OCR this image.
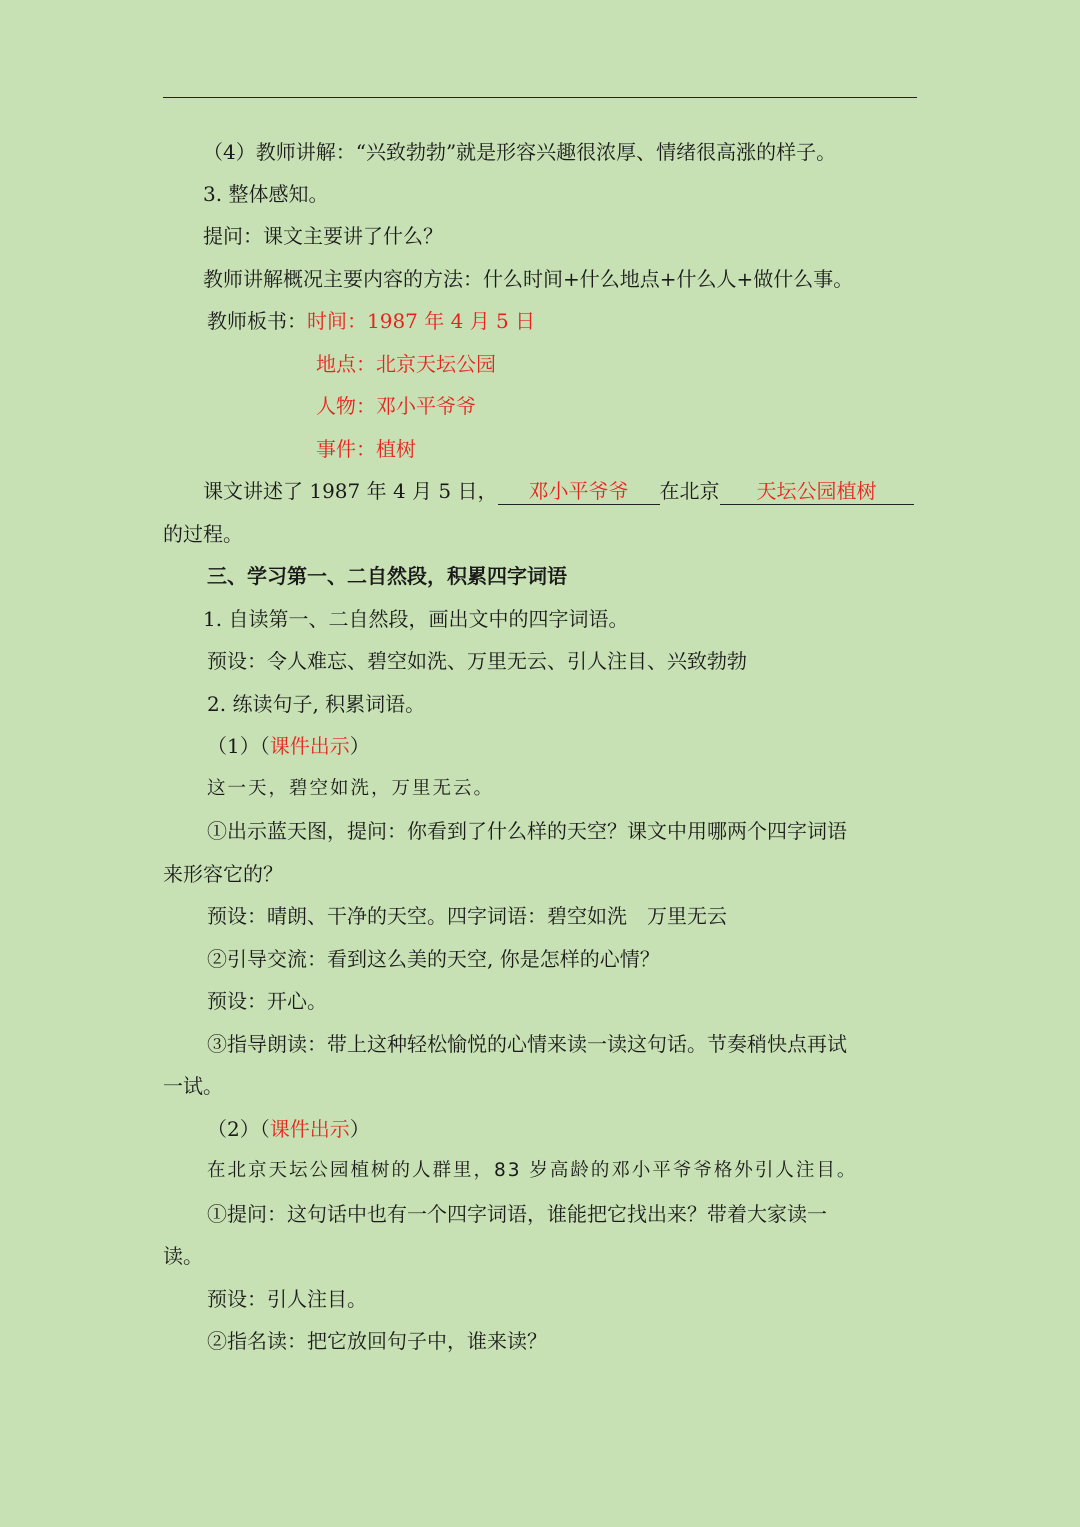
（4）教师讲解：“兴致勃勃”就是形容兴趣很浓厚、情绪很高涨的样子。
3. 整体感知。
提问：课文主要讲了什么？
教师讲解概况主要内容的方法：什么时间+什么地点+什么人+做什么事。
教师板书：时间：1987 年 4 月 5 日
地点：北京天坛公园
人物：邓小平爷爷
事件：植树
课文讲述了 1987 年 4 月 5 日， 邓小平爷爷 在北京 天坛公园植树
的过程。
三、学习第一、二自然段，积累四字词语
1. 自读第一、二自然段，画出文中的四字词语。
预设：令人难忘、碧空如洗、万里无云、引人注目、兴致勃勃
2. 练读句子, 积累词语。
（1）（课件出示）
这一天，碧空如洗，万里无云。
①出示蓝天图，提问：你看到了什么样的天空？课文中用哪两个四字词语
来形容它的？
预设：晴朗、干净的天空。四字词语：碧空如洗　万里无云
②引导交流：看到这么美的天空, 你是怎样的心情？
预设：开心。
③指导朗读：带上这种轻松愉悦的心情来读一读这句话。节奏稍快点再试
一试。
（2）（课件出示）
在北京天坛公园植树的人群里，83 岁高龄的邓小平爷爷格外引人注目。
①提问：这句话中也有一个四字词语，谁能把它找出来？带着大家读一
读。
预设：引人注目。
②指名读：把它放回句子中，谁来读？
